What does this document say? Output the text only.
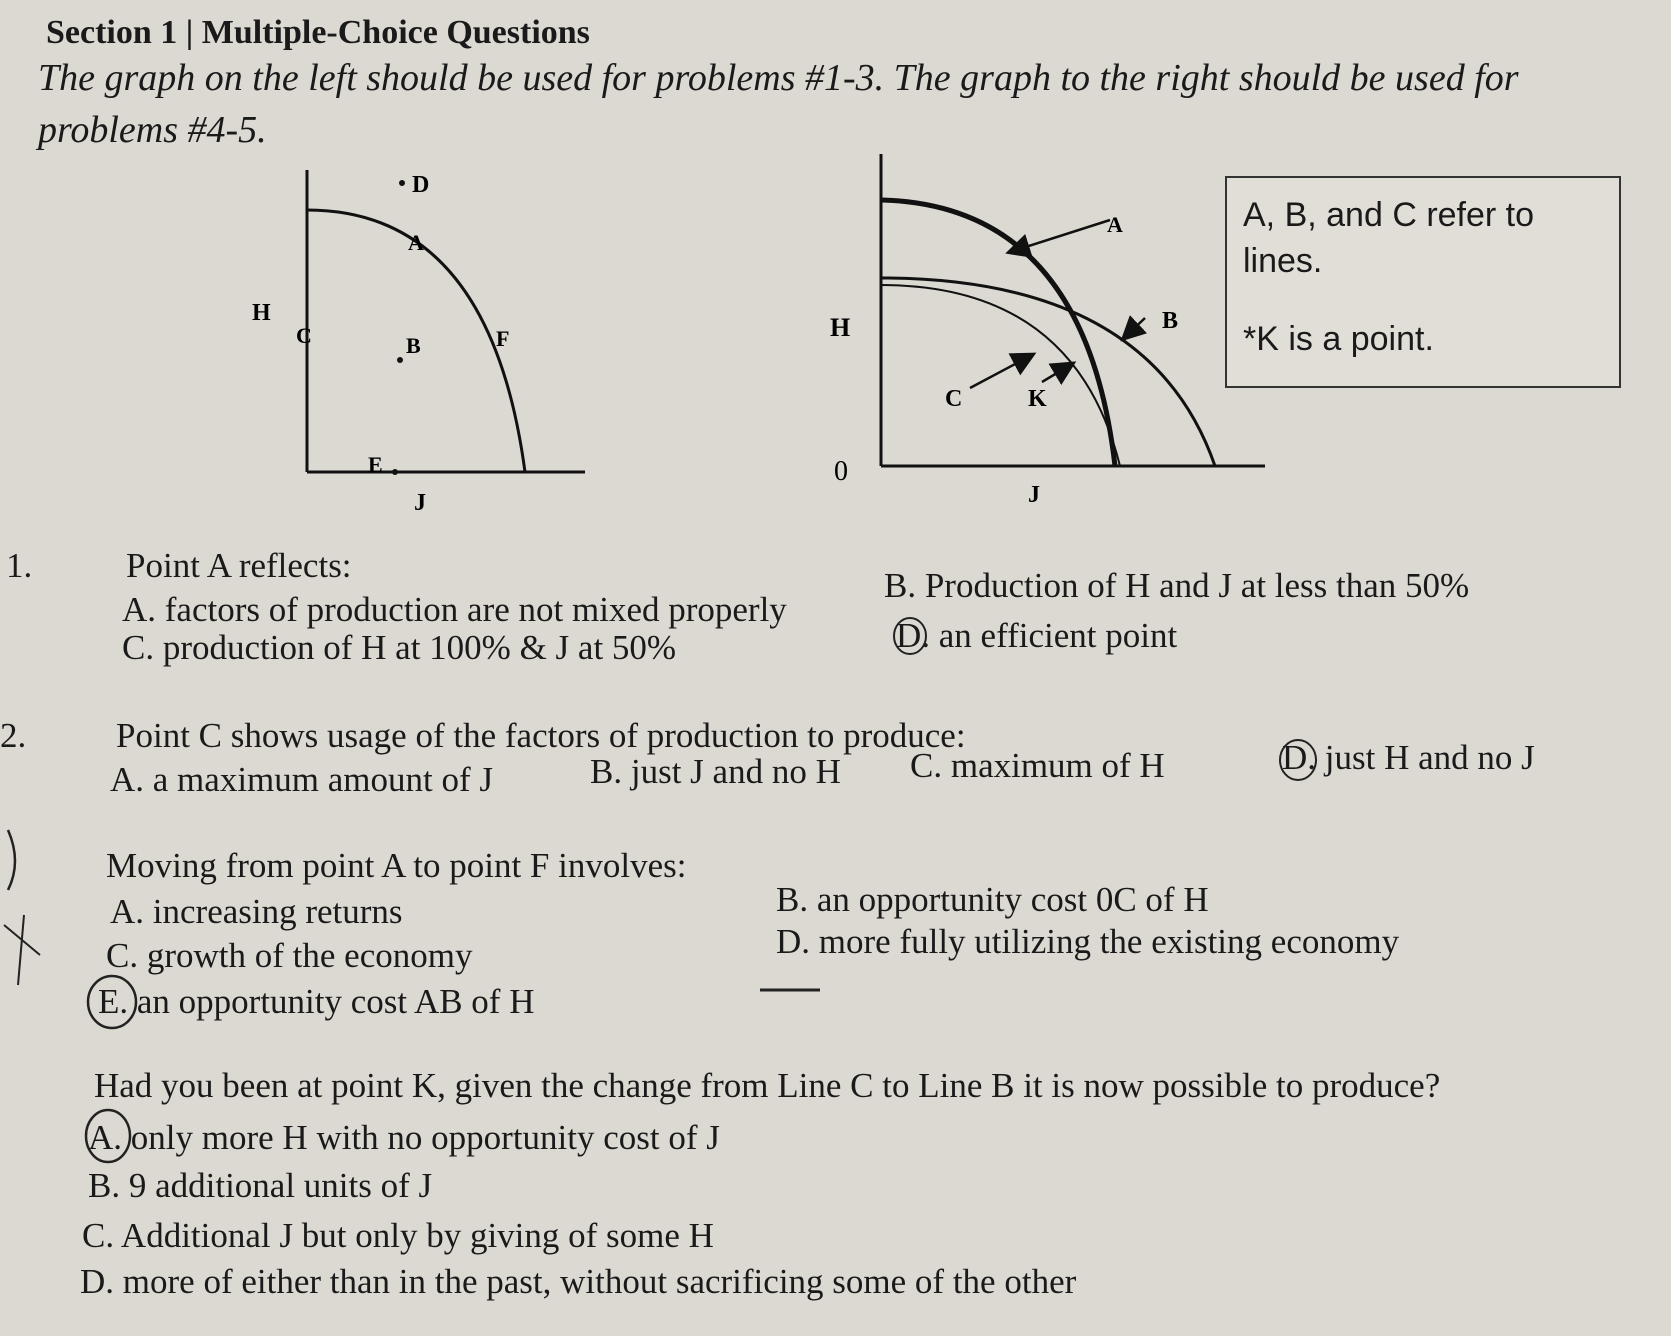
Section 1 | Multiple-Choice Questions
The graph on the left should be used for problems #1-3. The graph to the right should be used for problems #4-5.
D
A
H
C	B	F
E
J
A
B
C	K
H
0
J
A, B, and C refer to lines.
*K is a point.
1.	Point A reflects:
A. factors of production are not mixed properly
B. Production of H and J at less than 50%
C. production of H at 100% & J at 50%	D. an efficient point
2.	Point C shows usage of the factors of production to produce:
A. a maximum amount of J	B. just J and no H C. maximum of H	D. just H and no J
Moving from point A to point F involves:
A. increasing returns	B. an opportunity cost 0C of H
C. growth of the economy	D. more fully utilizing the existing economy
E. an opportunity cost AB of H
Had you been at point K, given the change from Line C to Line B it is now possible to produce?
A. only more H with no opportunity cost of J
B. 9 additional units of J
C. Additional J but only by giving of some H
D. more of either than in the past, without sacrificing some of the other
